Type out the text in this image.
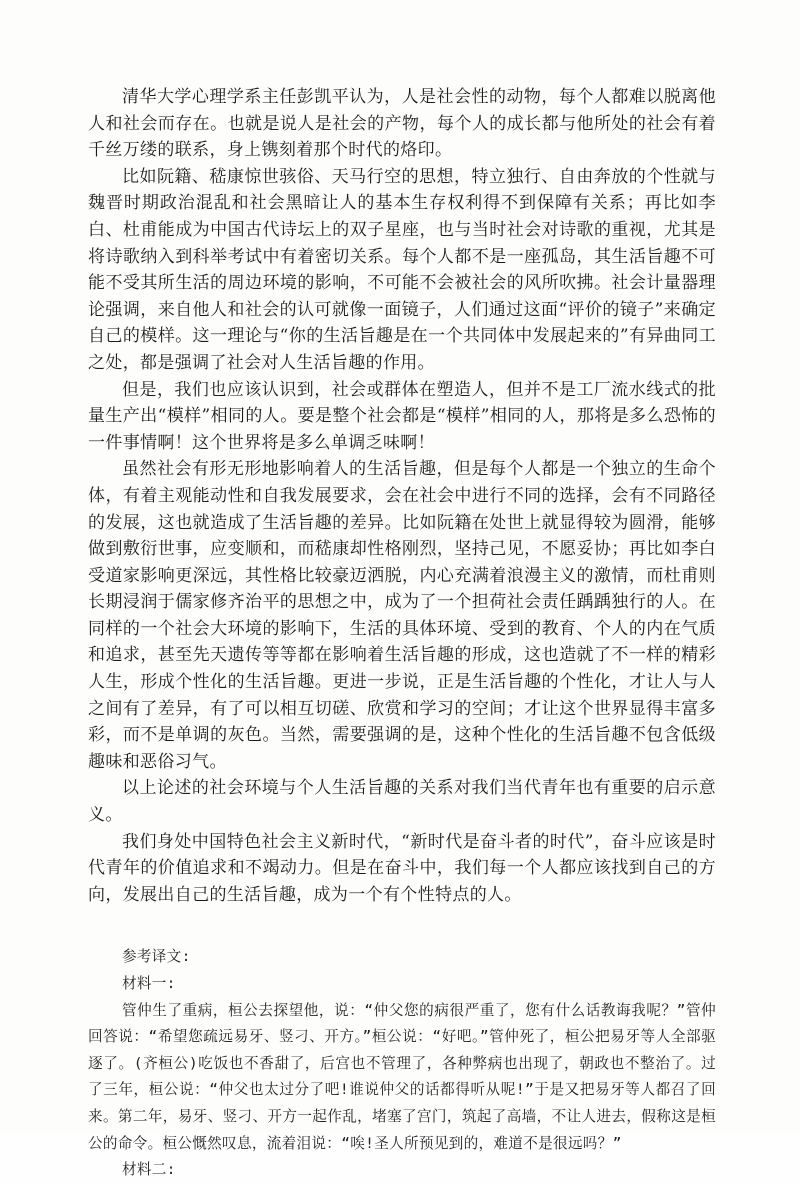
清华大学心理学系主任彭凯平认为，人是社会性的动物，每个人都难以脱离他人和社会而存在。也就是说人是社会的产物，每个人的成长都与他所处的社会有着千丝万缕的联系，身上镌刻着那个时代的烙印。

比如阮籍、嵇康惊世骇俗、天马行空的思想，特立独行、自由奔放的个性就与魏晋时期政治混乱和社会黑暗让人的基本生存权利得不到保障有关系；再比如李白、杜甫能成为中国古代诗坛上的双子星座，也与当时社会对诗歌的重视，尤其是将诗歌纳入到科举考试中有着密切关系。每个人都不是一座孤岛，其生活旨趣不可能不受其所生活的周边环境的影响，不可能不会被社会的风所吹拂。社会计量器理论强调，来自他人和社会的认可就像一面镜子，人们通过这面“评价的镜子”来确定自己的模样。这一理论与“你的生活旨趣是在一个共同体中发展起来的”有异曲同工之处，都是强调了社会对人生活旨趣的作用。

但是，我们也应该认识到，社会或群体在塑造人，但并不是工厂流水线式的批量生产出“模样”相同的人。要是整个社会都是“模样”相同的人，那将是多么恐怖的一件事情啊！这个世界将是多么单调乏味啊！

虽然社会有形无形地影响着人的生活旨趣，但是每个人都是一个独立的生命个体，有着主观能动性和自我发展要求，会在社会中进行不同的选择，会有不同路径的发展，这也就造成了生活旨趣的差异。比如阮籍在处世上就显得较为圆滑，能够做到敷衍世事，应变顺和，而嵇康却性格刚烈，坚持己见，不愿妥协；再比如李白受道家影响更深远，其性格比较豪迈洒脱，内心充满着浪漫主义的激情，而杜甫则长期浸润于儒家修齐治平的思想之中，成为了一个担荷社会责任踽踽独行的人。在同样的一个社会大环境的影响下，生活的具体环境、受到的教育、个人的内在气质和追求，甚至先天遗传等等都在影响着生活旨趣的形成，这也造就了不一样的精彩人生，形成个性化的生活旨趣。更进一步说，正是生活旨趣的个性化，才让人与人之间有了差异，有了可以相互切磋、欣赏和学习的空间；才让这个世界显得丰富多彩，而不是单调的灰色。当然，需要强调的是，这种个性化的生活旨趣不包含低级趣味和恶俗习气。

以上论述的社会环境与个人生活旨趣的关系对我们当代青年也有重要的启示意义。

我们身处中国特色社会主义新时代，“新时代是奋斗者的时代”，奋斗应该是时代青年的价值追求和不竭动力。但是在奋斗中，我们每一个人都应该找到自己的方向，发展出自己的生活旨趣，成为一个有个性特点的人。

参考译文:

材料一:

管仲生了重病，桓公去探望他，说：“仲父您的病很严重了，您有什么话教诲我呢？”管仲回答说：“希望您疏远易牙、竖刁、开方。”桓公说：“好吧。”管仲死了，桓公把易牙等人全部驱逐了。(齐桓公)吃饭也不香甜了，后宫也不管理了，各种弊病也出现了，朝政也不整治了。过了三年，桓公说：“仲父也太过分了吧!谁说仲父的话都得听从呢!”于是又把易牙等人都召了回来。第二年，易牙、竖刁、开方一起作乱，堵塞了宫门，筑起了高墙，不让人进去，假称这是桓公的命令。桓公慨然叹息，流着泪说：“唉!圣人所预见到的，难道不是很远吗？”

材料二:
